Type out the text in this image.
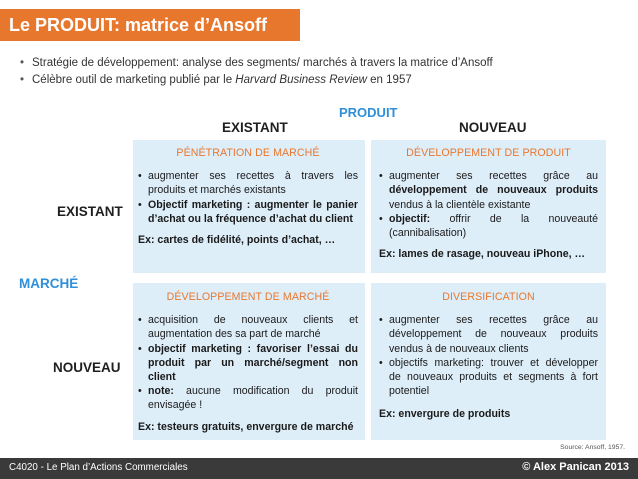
Le PRODUIT: matrice d’Ansoff
• Stratégie de développement: analyse des segments/ marchés à travers la matrice d’Ansoff
• Célèbre outil de marketing publié par le Harvard Business Review en 1957
PRODUIT
EXISTANT	NOUVEAU
MARCHÉ
EXISTANT
NOUVEAU
PÉNÉTRATION DE MARCHÉ
• augmenter ses recettes à travers les produits et marchés existants
• Objectif marketing : augmenter le panier d’achat ou la fréquence d’achat du client
Ex: cartes de fidélité, points d’achat, …
DÉVELOPPEMENT DE PRODUIT
• augmenter ses recettes grâce au développement de nouveaux produits vendus à la clientèle existante
• objectif: offrir de la nouveauté (cannibalisation)
Ex: lames de rasage, nouveau iPhone, …
DÉVELOPPEMENT DE MARCHÉ
• acquisition de nouveaux clients et augmentation des sa part de marché
• objectif marketing : favoriser l’essai du produit par un marché/segment non client
• note: aucune modification du produit envisagée !
Ex: testeurs gratuits, envergure de marché
DIVERSIFICATION
• augmenter ses recettes grâce au développement de nouveaux produits vendus à de nouveaux clients
• objectifs marketing: trouver et développer de nouveaux produits et segments à fort potentiel
Ex: envergure de produits
Source: Ansoff, 1957.
C4020 - Le Plan d’Actions Commerciales	© Alex Panican 2013
